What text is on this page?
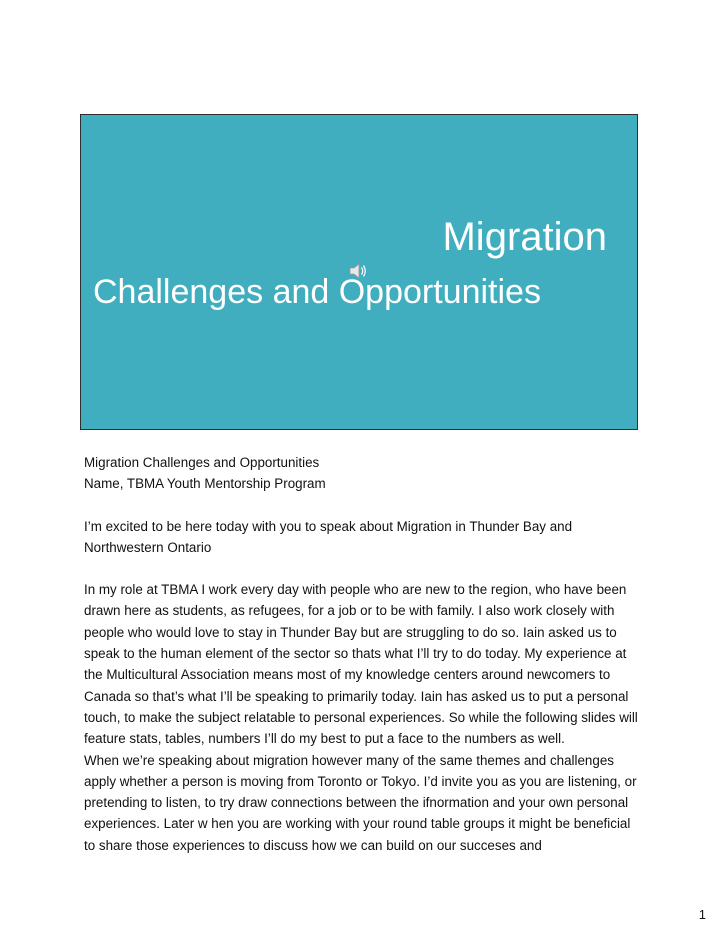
Migration
Challenges and Opportunities

Migration Challenges and Opportunities

Name, TBMA Youth Mentorship Program

I’m excited to be here today with you to speak about Migration in Thunder Bay and Northwestern Ontario

In my role at TBMA I work every day with people who are new to the region, who have been drawn here as students, as refugees, for a job or to be with family. I also work closely with people who would love to stay in Thunder Bay but are struggling to do so. Iain asked us to speak to the human element of the sector so thats what I’ll try to do today. My experience at the Multicultural Association means most of my knowledge centers around newcomers to Canada so that’s what I’ll be speaking to primarily today. Iain has asked us to put a personal touch, to make the subject relatable to personal experiences. So while the following slides will feature stats, tables, numbers I’ll do my best to put a face to the numbers as well.

When we’re speaking about migration however many of the same themes and challenges apply whether a person is moving from Toronto or Tokyo. I’d invite you as you are listening, or pretending to listen, to try draw connections between the ifnormation and your own personal experiences. Later w hen you are working with your round table groups it might be beneficial to share those experiences to discuss how we can build on our succeses and

1
